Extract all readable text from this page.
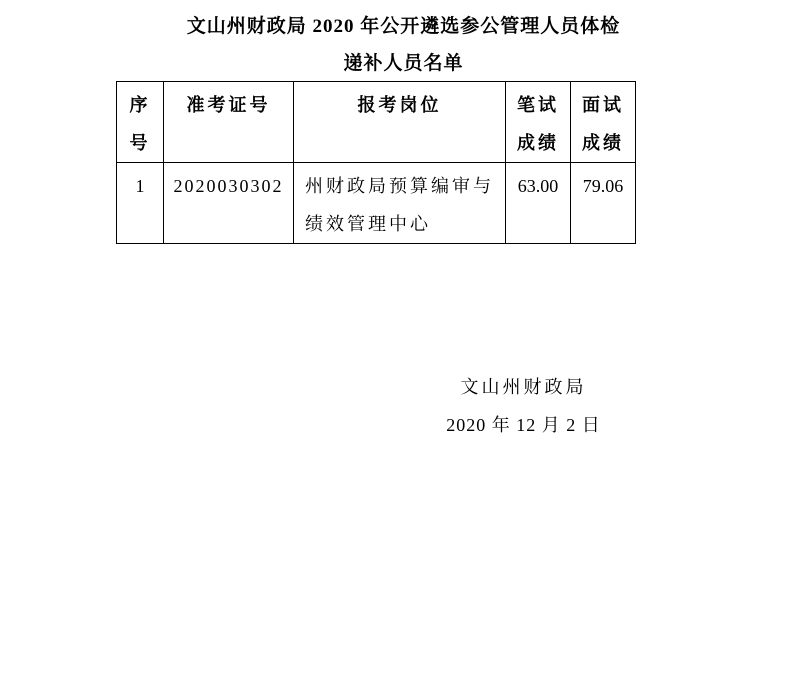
文山州财政局 2020 年公开遴选参公管理人员体检
递补人员名单
序号	准考证号	报考岗位	笔试成绩	面试成绩
1	2020030302	州财政局预算编审与绩效管理中心	63.00	79.06
文山州财政局
2020 年 12 月 2 日
